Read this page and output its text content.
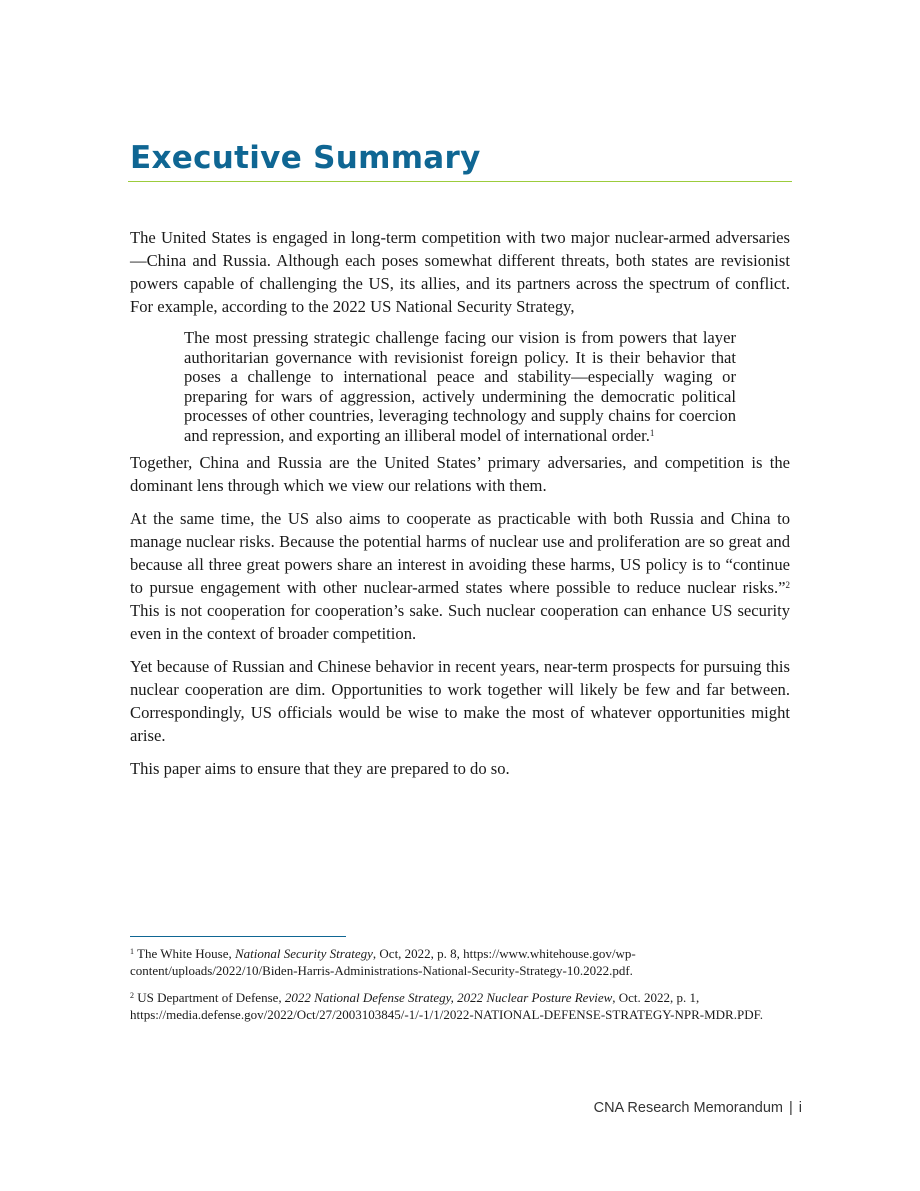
Executive Summary

The United States is engaged in long-term competition with two major nuclear-armed adversaries—China and Russia. Although each poses somewhat different threats, both states are revisionist powers capable of challenging the US, its allies, and its partners across the spectrum of conflict. For example, according to the 2022 US National Security Strategy,

The most pressing strategic challenge facing our vision is from powers that layer authoritarian governance with revisionist foreign policy. It is their behavior that poses a challenge to international peace and stability—especially waging or preparing for wars of aggression, actively undermining the democratic political processes of other countries, leveraging technology and supply chains for coercion and repression, and exporting an illiberal model of international order.$^1$

Together, China and Russia are the United States’ primary adversaries, and competition is the dominant lens through which we view our relations with them.

At the same time, the US also aims to cooperate as practicable with both Russia and China to manage nuclear risks. Because the potential harms of nuclear use and proliferation are so great and because all three great powers share an interest in avoiding these harms, US policy is to “continue to pursue engagement with other nuclear-armed states where possible to reduce nuclear risks.”$^2$ This is not cooperation for cooperation’s sake. Such nuclear cooperation can enhance US security even in the context of broader competition.

Yet because of Russian and Chinese behavior in recent years, near-term prospects for pursuing this nuclear cooperation are dim. Opportunities to work together will likely be few and far between. Correspondingly, US officials would be wise to make the most of whatever opportunities might arise.

This paper aims to ensure that they are prepared to do so.

$^1$ The White House, National Security Strategy, Oct, 2022, p. 8, https://www.whitehouse.gov/wp-content/uploads/2022/10/Biden-Harris-Administrations-National-Security-Strategy-10.2022.pdf.

$^2$ US Department of Defense, 2022 National Defense Strategy, 2022 Nuclear Posture Review, Oct. 2022, p. 1, https://media.defense.gov/2022/Oct/27/2003103845/-1/-1/1/2022-NATIONAL-DEFENSE-STRATEGY-NPR-MDR.PDF.

CNA Research Memorandum | i
